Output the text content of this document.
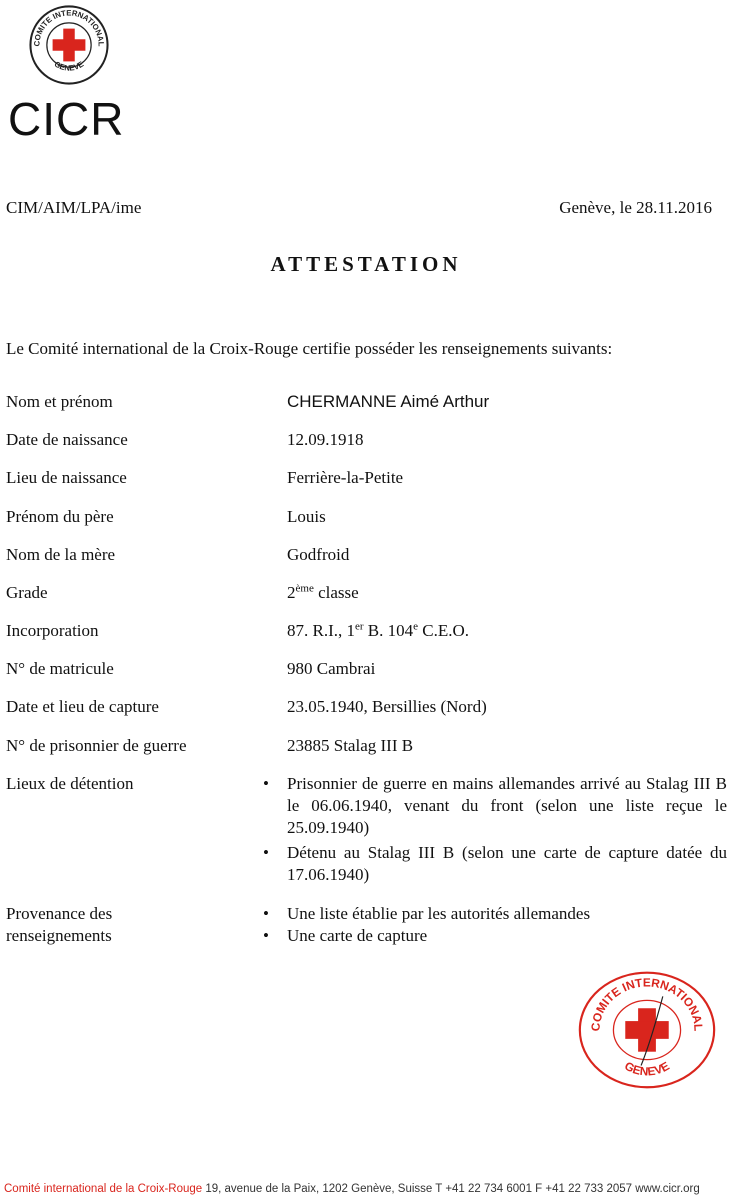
COMITE INTERNATIONAL
GENEVE
CICR
CIM/AIM/LPA/ime	Genève, le 28.11.2016
ATTESTATION
Le Comité international de la Croix-Rouge certifie posséder les renseignements suivants:
Nom et prénom	CHERMANNE Aimé Arthur
Date de naissance	12.09.1918
Lieu de naissance	Ferrière-la-Petite
Prénom du père	Louis
Nom de la mère	Godfroid
Grade	2ème classe
Incorporation	87. R.I., 1er B. 104e C.E.O.
N° de matricule	980 Cambrai
Date et lieu de capture	23.05.1940, Bersillies (Nord)
N° de prisonnier de guerre	23885 Stalag III B
Lieux de détention	• Prisonnier de guerre en mains allemandes arrivé au Stalag III B le 06.06.1940, venant du front (selon une liste reçue le 25.09.1940)
• Détenu au Stalag III B (selon une carte de capture datée du 17.06.1940)
Provenance des renseignements
• Une liste établie par les autorités allemandes
• Une carte de capture
COMITE INTERNATIONAL
GENEVE
Comité international de la Croix-Rouge 19, avenue de la Paix, 1202 Genève, Suisse T +41 22 734 6001 F +41 22 733 2057 www.cicr.org
